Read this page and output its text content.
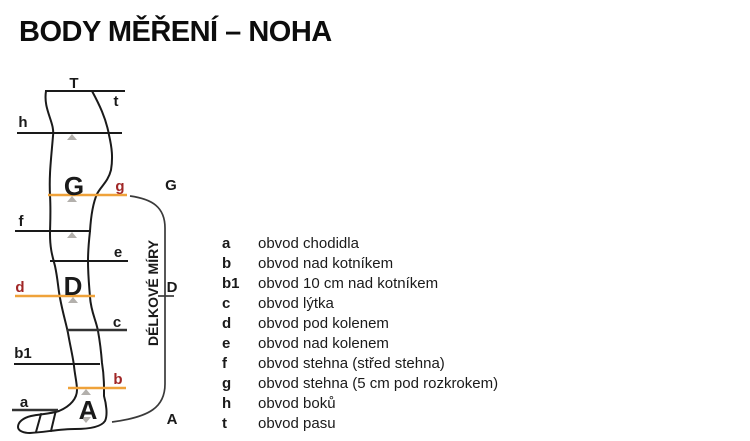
BODY MĚŘENÍ – NOHA
DÉLKOVÉ MÍRY
T
t
h
f
e
c
b1
a
g
d
b
G
D
A
G
D
A
a	obvod chodidla
b	obvod nad kotníkem
b1	obvod 10 cm nad kotníkem
c	obvod lýtka
d	obvod pod kolenem
e	obvod nad kolenem
f	obvod stehna (střed stehna)
g	obvod stehna (5 cm pod rozkrokem)
h	obvod boků
t	obvod pasu
